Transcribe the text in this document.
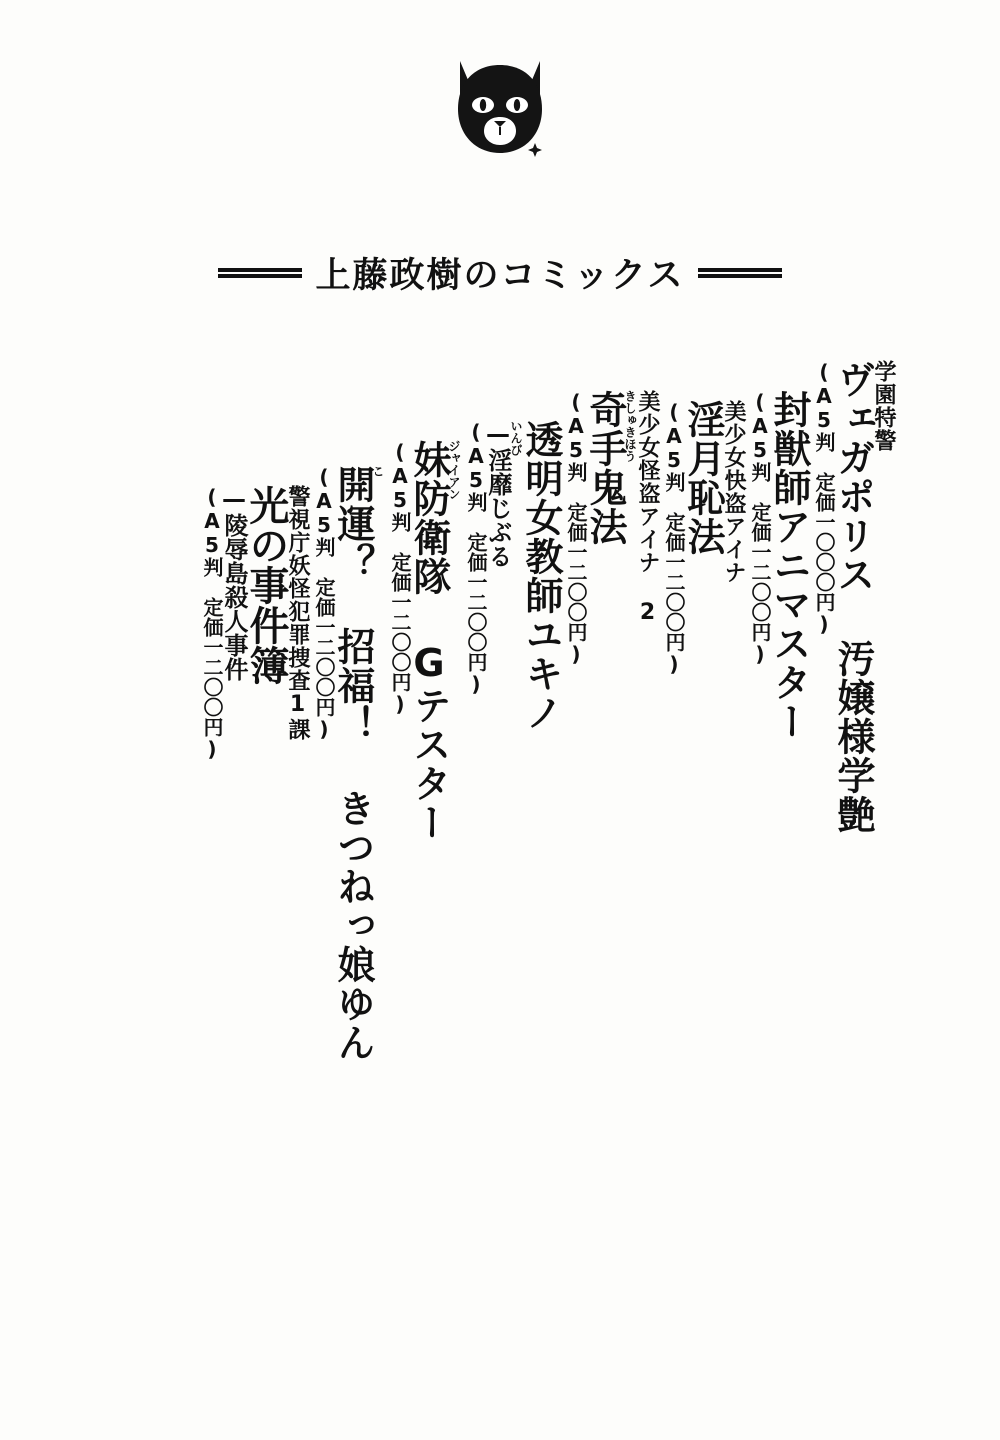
上藤政樹のコミックス
学園特警
ヴェガポリス 汚嬢様学艶
(A5判　定価一〇〇〇円)
封獣師アニマスター
(A5判　定価一二〇〇円)
美少女快盗アイナ
淫月恥法
(A5判　定価一二〇〇円)
美少女怪盗アイナ 2
きしゅきほう
奇手鬼法
(A5判　定価一二〇〇円)
透明女教師ユキノ
いんび
—淫靡じぶる
(A5判　定価一二〇〇円)
ジャイアン
妹防衛隊 Gテスター
(A5判　定価一二〇〇円)
こ
開運？ 招福！ きつねっ娘ゆん
(A5判　定価一二〇〇円)
警視庁妖怪犯罪捜査1課
光の事件簿
—陵辱島殺人事件
(A5判　定価一二〇〇円)
